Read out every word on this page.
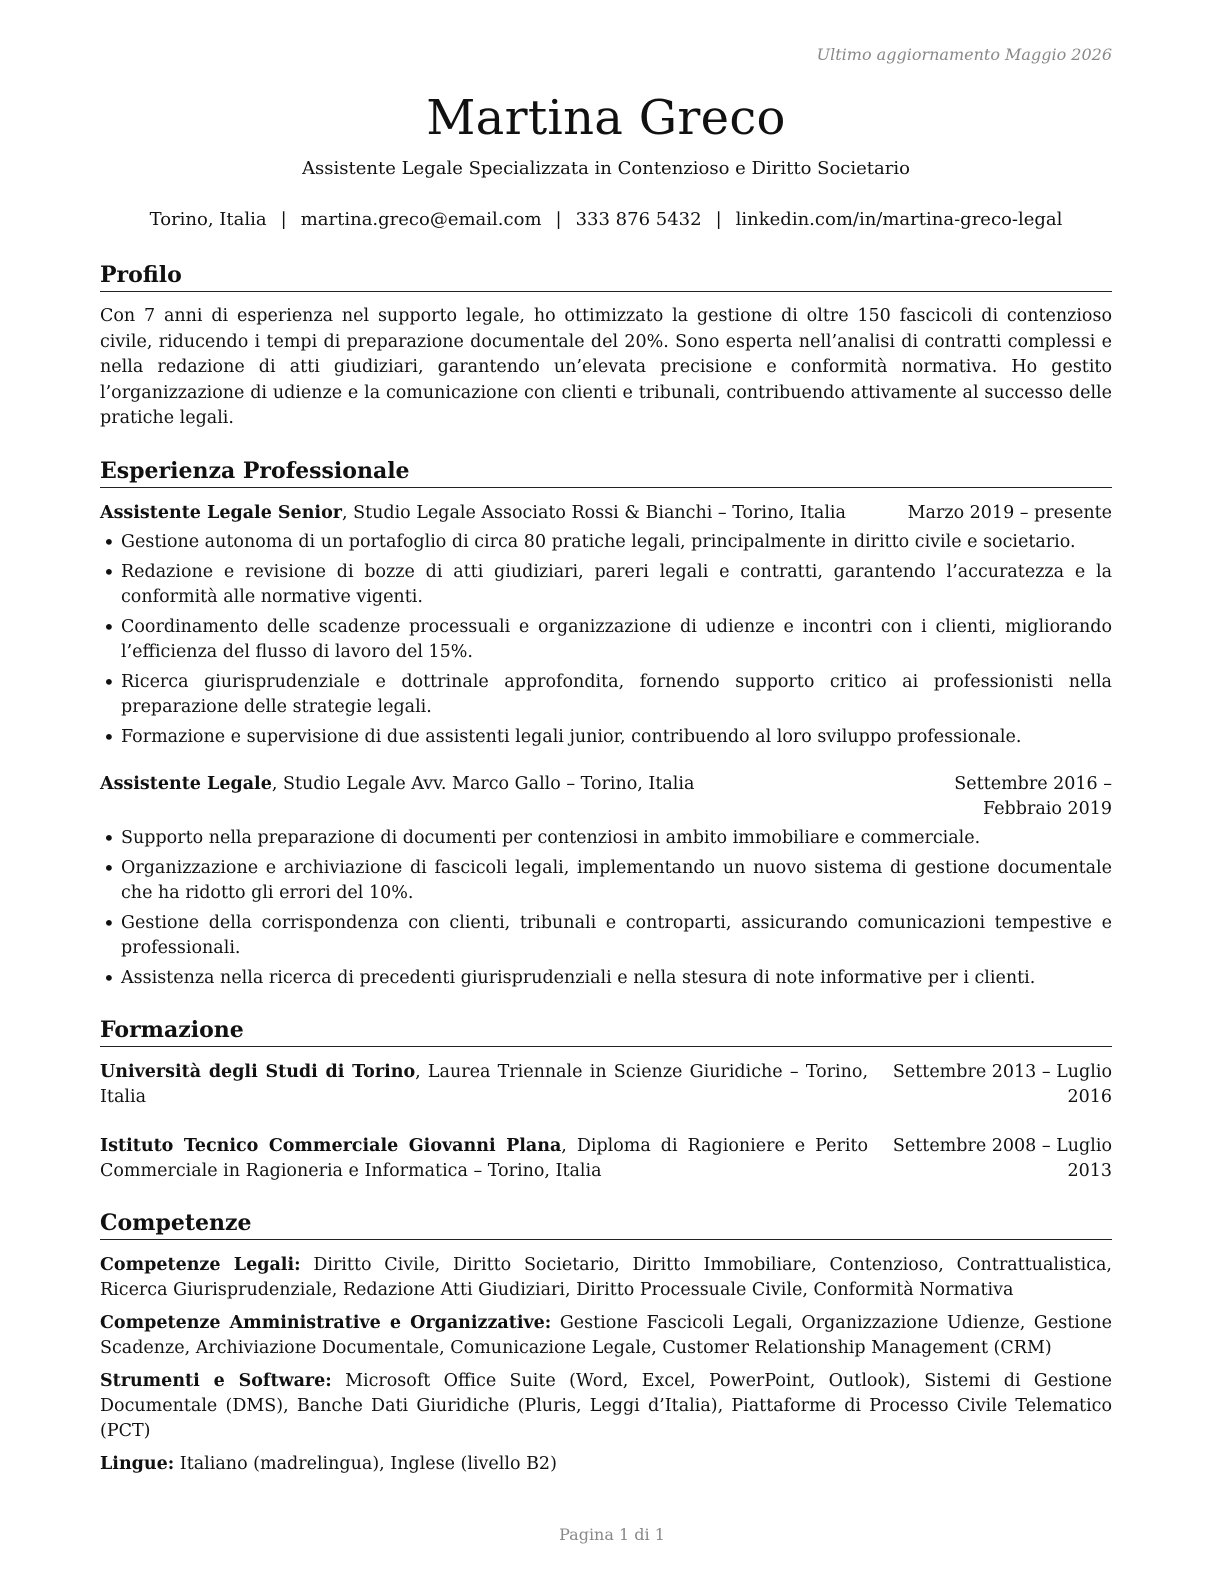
Ultimo aggiornamento Maggio 2026
Martina Greco
Assistente Legale Specializzata in Contenzioso e Diritto Societario
Torino, Italia | martina.greco@email.com | 333 876 5432 | linkedin.com/in/martina-greco-legal
Profilo
Con 7 anni di esperienza nel supporto legale, ho ottimizzato la gestione di oltre 150 fascicoli di contenzioso civile, riducendo i tempi di preparazione documentale del 20%. Sono esperta nell’analisi di contratti complessi e nella redazione di atti giudiziari, garantendo un’elevata precisione e conformità normativa. Ho gestito l’organizzazione di udienze e la comunicazione con clienti e tribunali, contribuendo attivamente al successo delle pratiche legali.
Esperienza Professionale
Assistente Legale Senior, Studio Legale Associato Rossi & Bianchi – Torino, Italia	Marzo 2019 – presente
• Gestione autonoma di un portafoglio di circa 80 pratiche legali, principalmente in diritto civile e societario.
• Redazione e revisione di bozze di atti giudiziari, pareri legali e contratti, garantendo l’accuratezza e la conformità alle normative vigenti.
• Coordinamento delle scadenze processuali e organizzazione di udienze e incontri con i clienti, migliorando l’efficienza del flusso di lavoro del 15%.
• Ricerca giurisprudenziale e dottrinale approfondita, fornendo supporto critico ai professionisti nella preparazione delle strategie legali.
• Formazione e supervisione di due assistenti legali junior, contribuendo al loro sviluppo professionale.
Assistente Legale, Studio Legale Avv. Marco Gallo – Torino, Italia	Settembre 2016 – Febbraio 2019
• Supporto nella preparazione di documenti per contenziosi in ambito immobiliare e commerciale.
• Organizzazione e archiviazione di fascicoli legali, implementando un nuovo sistema di gestione documentale che ha ridotto gli errori del 10%.
• Gestione della corrispondenza con clienti, tribunali e controparti, assicurando comunicazioni tempestive e professionali.
• Assistenza nella ricerca di precedenti giurisprudenziali e nella stesura di note informative per i clienti.
Formazione
Università degli Studi di Torino, Laurea Triennale in Scienze Giuridiche – Torino, Italia
Settembre 2013 – Luglio 2016
Istituto Tecnico Commerciale Giovanni Plana, Diploma di Ragioniere e Perito Commerciale in Ragioneria e Informatica – Torino, Italia
Settembre 2008 – Luglio 2013
Competenze
Competenze Legali: Diritto Civile, Diritto Societario, Diritto Immobiliare, Contenzioso, Contrattualistica, Ricerca Giurisprudenziale, Redazione Atti Giudiziari, Diritto Processuale Civile, Conformità Normativa
Competenze Amministrative e Organizzative: Gestione Fascicoli Legali, Organizzazione Udienze, Gestione Scadenze, Archiviazione Documentale, Comunicazione Legale, Customer Relationship Management (CRM)
Strumenti e Software: Microsoft Office Suite (Word, Excel, PowerPoint, Outlook), Sistemi di Gestione Documentale (DMS), Banche Dati Giuridiche (Pluris, Leggi d’Italia), Piattaforme di Processo Civile Telematico (PCT)
Lingue: Italiano (madrelingua), Inglese (livello B2)
Pagina 1 di 1
